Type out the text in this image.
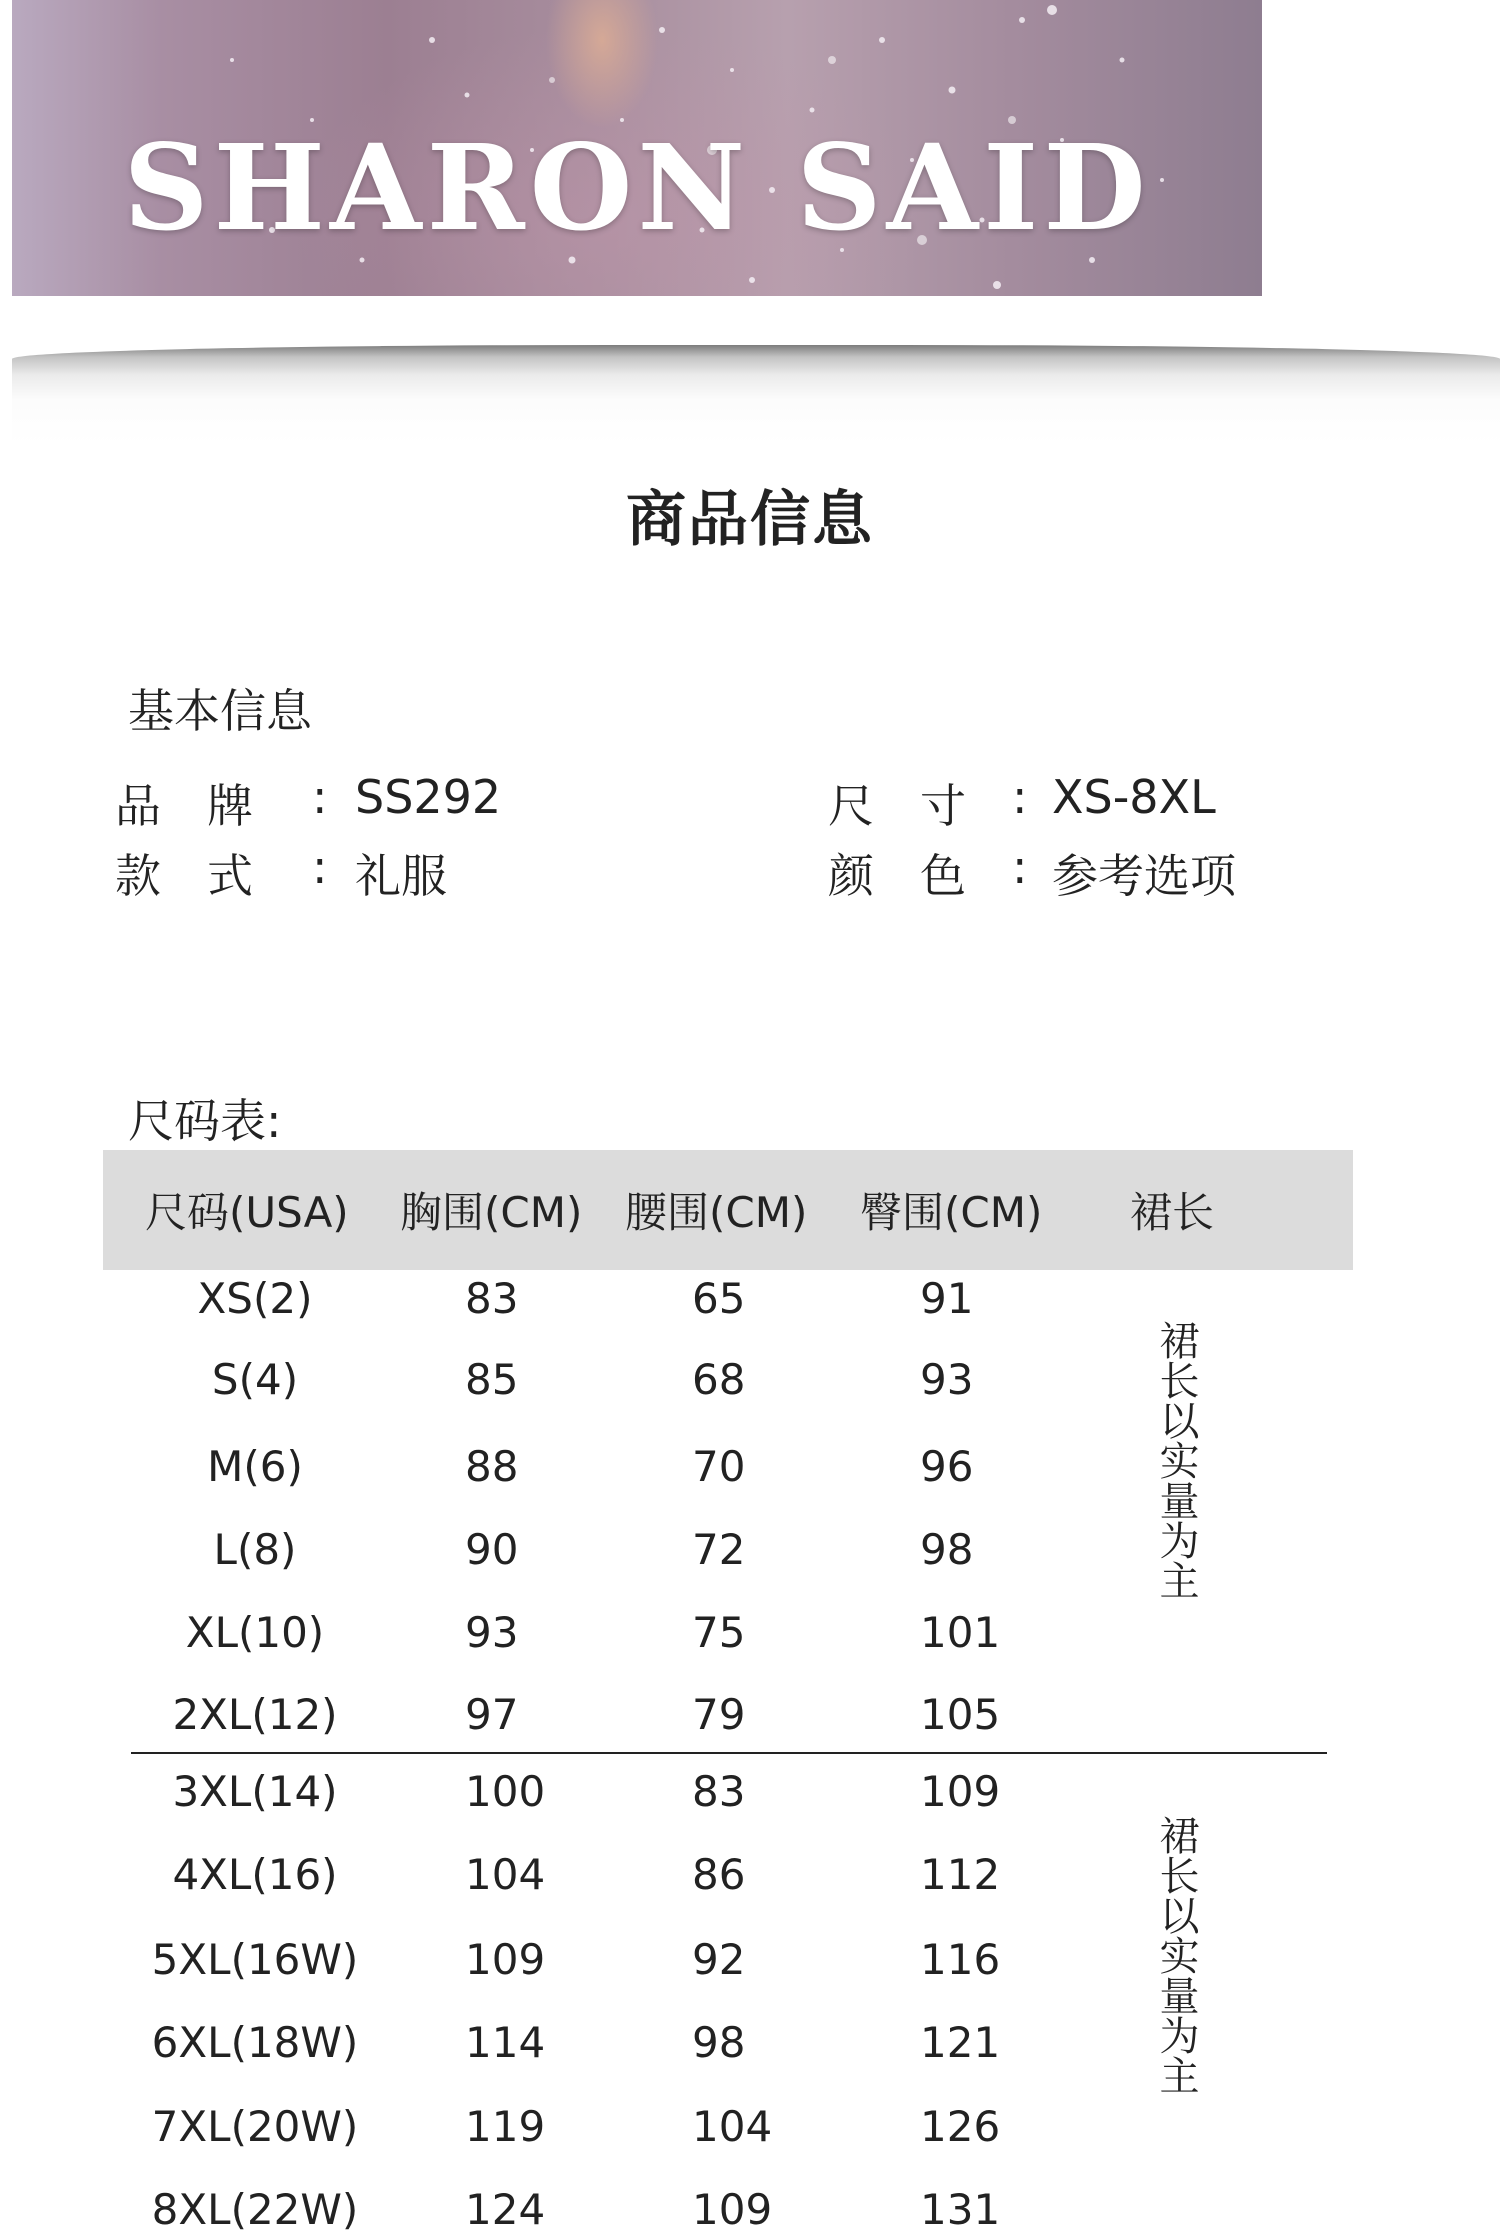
SHARON SAID
商品信息
基本信息
品　牌 : SS292	尺　寸 : XS-8XL
款　式 : 礼服	颜　色 : 参考选项
尺码表:
尺码(USA) 胸围(CM) 腰围(CM) 臀围(CM) 裙长
XS(2)	83	65	91
S(4)	85	68	93
M(6)	88	70	96
L(8)	90	72	98
XL(10)	93	75	101
2XL(12)	97	79	105
3XL(14)	100	83	109
4XL(16)	104	86	112
5XL(16W)	109	92	116
6XL(18W)	114	98	121
7XL(20W)	119	104	126
8XL(22W)	124	109	131
裙长以实量为主
裙长以实量为主
